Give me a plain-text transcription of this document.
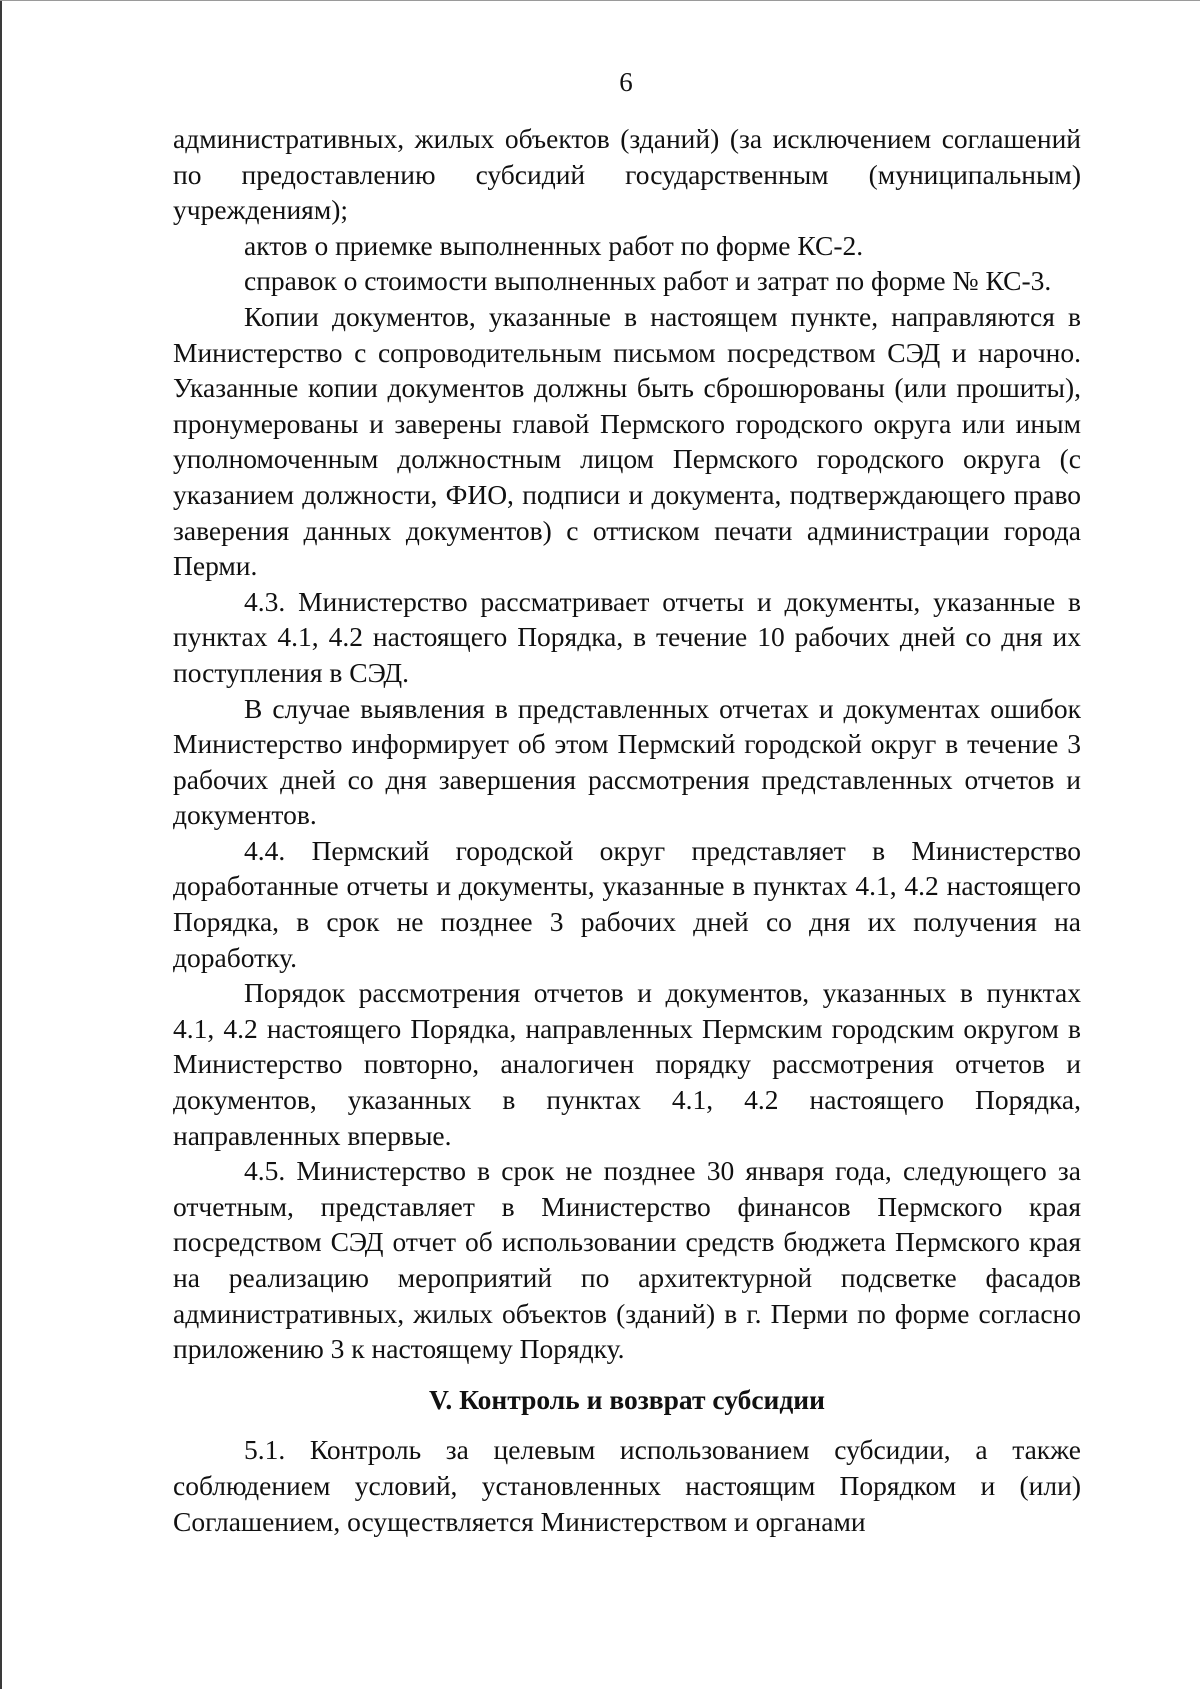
6

административных, жилых объектов (зданий) (за исключением соглашений по предоставлению субсидий государственным (муниципальным) учреждениям);

актов о приемке выполненных работ по форме КС-2.

справок о стоимости выполненных работ и затрат по форме № КС-3.

Копии документов, указанные в настоящем пункте, направляются в Министерство с сопроводительным письмом посредством СЭД и нарочно. Указанные копии документов должны быть сброшюрованы (или прошиты), пронумерованы и заверены главой Пермского городского округа или иным уполномоченным должностным лицом Пермского городского округа (с указанием должности, ФИО, подписи и документа, подтверждающего право заверения данных документов) с оттиском печати администрации города Перми.

4.3. Министерство рассматривает отчеты и документы, указанные в пунктах 4.1, 4.2 настоящего Порядка, в течение 10 рабочих дней со дня их поступления в СЭД.

В случае выявления в представленных отчетах и документах ошибок Министерство информирует об этом Пермский городской округ в течение 3 рабочих дней со дня завершения рассмотрения представленных отчетов и документов.

4.4. Пермский городской округ представляет в Министерство доработанные отчеты и документы, указанные в пунктах 4.1, 4.2 настоящего Порядка, в срок не позднее 3 рабочих дней со дня их получения на доработку.

Порядок рассмотрения отчетов и документов, указанных в пунктах 4.1, 4.2 настоящего Порядка, направленных Пермским городским округом в Министерство повторно, аналогичен порядку рассмотрения отчетов и документов, указанных в пунктах 4.1, 4.2 настоящего Порядка, направленных впервые.

4.5. Министерство в срок не позднее 30 января года, следующего за отчетным, представляет в Министерство финансов Пермского края посредством СЭД отчет об использовании средств бюджета Пермского края на реализацию мероприятий по архитектурной подсветке фасадов административных, жилых объектов (зданий) в г. Перми по форме согласно приложению 3 к настоящему Порядку.

V. Контроль и возврат субсидии

5.1. Контроль за целевым использованием субсидии, а также соблюдением условий, установленных настоящим Порядком и (или) Соглашением, осуществляется Министерством и органами
